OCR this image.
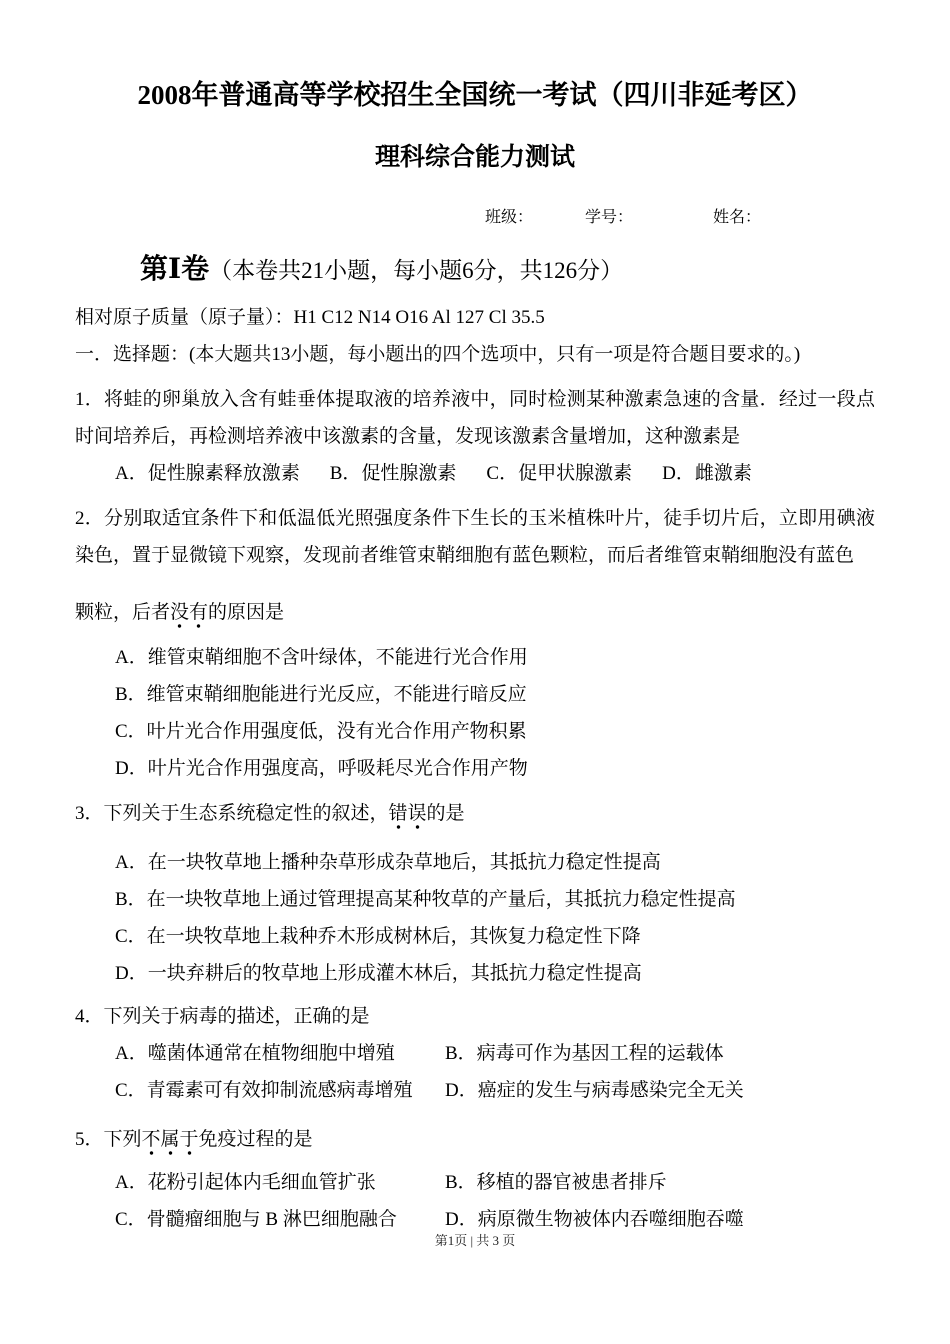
2008年普通高等学校招生全国统一考试（四川非延考区）
理科综合能力测试
班级：	学号：	姓名：
第Ⅰ卷（本卷共21小题，每小题6分，共126分）

相对原子质量（原子量）：H1 C12 N14 O16 Al 127 Cl 35.5

一．选择题：(本大题共13小题，每小题出的四个选项中，只有一项是符合题目要求的。)

1．将蛙的卵巢放入含有蛙垂体提取液的培养液中，同时检测某种激素急速的含量．经过一段点时间培养后，再检测培养液中该激素的含量，发现该激素含量增加，这种激素是

A．促性腺素释放激素 B．促性腺激素 C．促甲状腺激素 D．雌激素

2．分别取适宜条件下和低温低光照强度条件下生长的玉米植株叶片，徒手切片后，立即用碘液染色，置于显微镜下观察，发现前者维管束鞘细胞有蓝色颗粒，而后者维管束鞘细胞没有蓝色

颗粒，后者没有的原因是

A．维管束鞘细胞不含叶绿体，不能进行光合作用

B．维管束鞘细胞能进行光反应，不能进行暗反应

C．叶片光合作用强度低，没有光合作用产物积累

D．叶片光合作用强度高，呼吸耗尽光合作用产物

3．下列关于生态系统稳定性的叙述，错误的是

A．在一块牧草地上播种杂草形成杂草地后，其抵抗力稳定性提高

B．在一块牧草地上通过管理提高某种牧草的产量后，其抵抗力稳定性提高

C．在一块牧草地上栽种乔木形成树林后，其恢复力稳定性下降

D．一块弃耕后的牧草地上形成灌木林后，其抵抗力稳定性提高

4．下列关于病毒的描述，正确的是

A．噬菌体通常在植物细胞中增殖	B．病毒可作为基因工程的运载体

C．青霉素可有效抑制流感病毒增殖 D．癌症的发生与病毒感染完全无关

5．下列不属于免疫过程的是

A．花粉引起体内毛细血管扩张	B．移植的器官被患者排斥

C．骨髓瘤细胞与 B 淋巴细胞融合	D．病原微生物被体内吞噬细胞吞噬

第1页 | 共 3 页
